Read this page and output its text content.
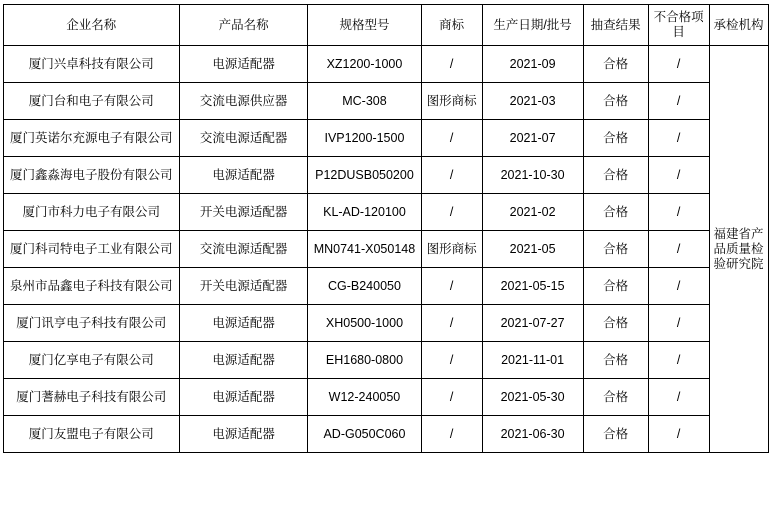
企业名称	产品名称	规格型号	商标	生产日期/批号	抽查结果	不合格项目	承检机构
厦门兴卓科技有限公司	电源适配器	XZ1200-1000	/	2021-09	合格	/	福建省产品质量检验研究院
厦门台和电子有限公司	交流电源供应器	MC-308	图形商标	2021-03	合格	/	
厦门英诺尔充源电子有限公司	交流电源适配器	IVP1200-1500	/	2021-07	合格	/	
厦门鑫淼海电子股份有限公司	电源适配器	P12DUSB050200	/	2021-10-30	合格	/	
厦门市科力电子有限公司	开关电源适配器	KL-AD-120100	/	2021-02	合格	/	
厦门科司特电子工业有限公司	交流电源适配器	MN0741-X050148	图形商标	2021-05	合格	/	
泉州市品鑫电子科技有限公司	开关电源适配器	CG-B240050	/	2021-05-15	合格	/	
厦门讯亨电子科技有限公司	电源适配器	XH0500-1000	/	2021-07-27	合格	/	
厦门亿享电子有限公司	电源适配器	EH1680-0800	/	2021-11-01	合格	/	
厦门蓍赫电子科技有限公司	电源适配器	W12-240050	/	2021-05-30	合格	/	
厦门友盟电子有限公司	电源适配器	AD-G050C060	/	2021-06-30	合格	/	
